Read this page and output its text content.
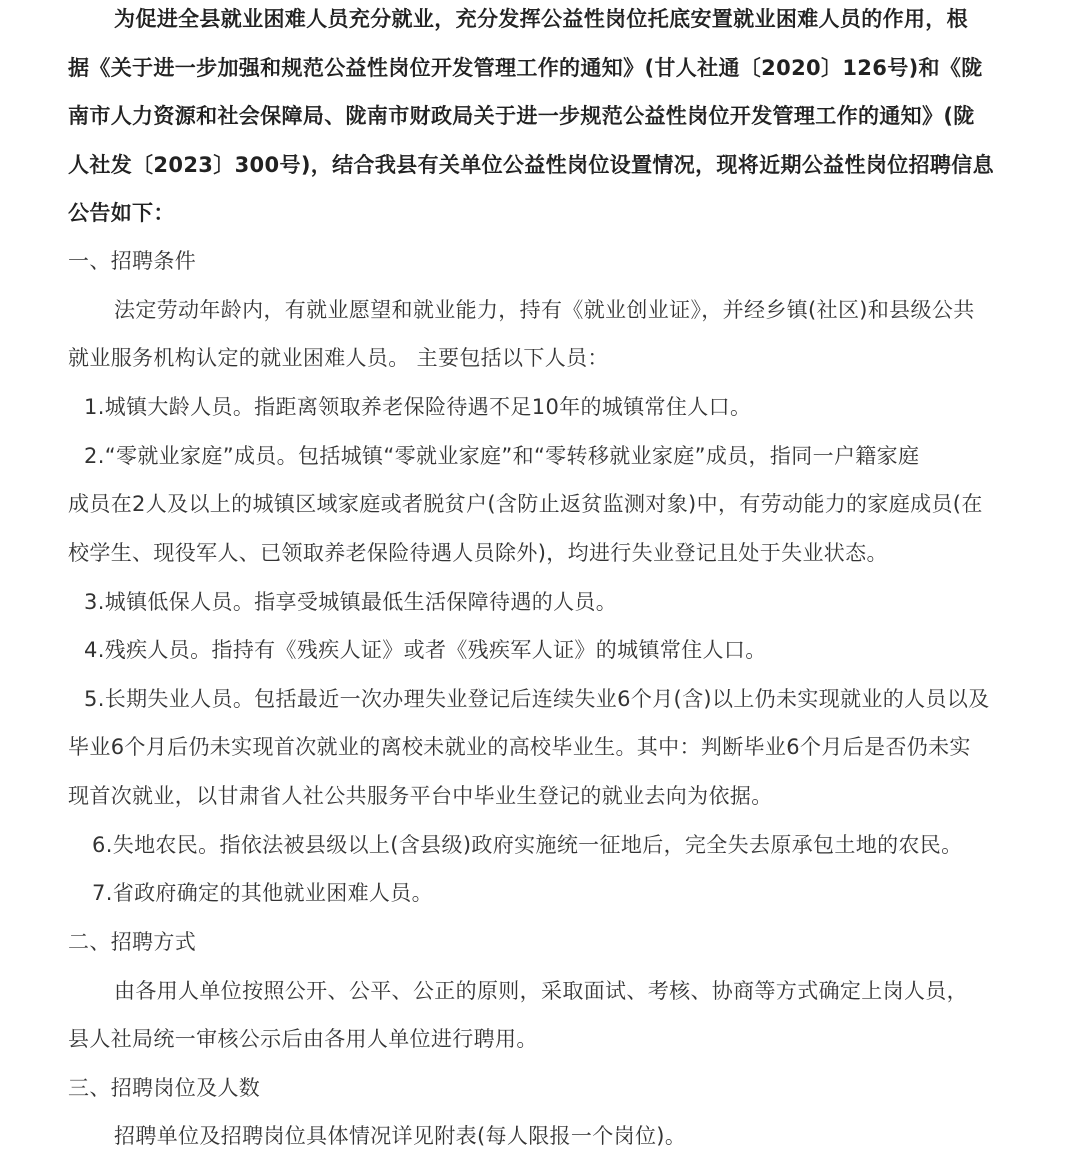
为促进全县就业困难人员充分就业，充分发挥公益性岗位托底安置就业困难人员的作用，根
据《关于进一步加强和规范公益性岗位开发管理工作的通知》(甘人社通〔2020〕126号)和《陇
南市人力资源和社会保障局、陇南市财政局关于进一步规范公益性岗位开发管理工作的通知》(陇
人社发〔2023〕300号)，结合我县有关单位公益性岗位设置情况，现将近期公益性岗位招聘信息
公告如下：
一、招聘条件
法定劳动年龄内，有就业愿望和就业能力，持有《就业创业证》，并经乡镇(社区)和县级公共
就业服务机构认定的就业困难人员。 主要包括以下人员：
1.城镇大龄人员。指距离领取养老保险待遇不足10年的城镇常住人口。
2.“零就业家庭”成员。包括城镇“零就业家庭”和“零转移就业家庭”成员，指同一户籍家庭
成员在2人及以上的城镇区域家庭或者脱贫户(含防止返贫监测对象)中，有劳动能力的家庭成员(在
校学生、现役军人、已领取养老保险待遇人员除外)，均进行失业登记且处于失业状态。
3.城镇低保人员。指享受城镇最低生活保障待遇的人员。
4.残疾人员。指持有《残疾人证》或者《残疾军人证》的城镇常住人口。
5.长期失业人员。包括最近一次办理失业登记后连续失业6个月(含)以上仍未实现就业的人员以及
毕业6个月后仍未实现首次就业的离校未就业的高校毕业生。其中：判断毕业6个月后是否仍未实
现首次就业，以甘肃省人社公共服务平台中毕业生登记的就业去向为依据。
6.失地农民。指依法被县级以上(含县级)政府实施统一征地后，完全失去原承包土地的农民。
7.省政府确定的其他就业困难人员。
二、招聘方式
由各用人单位按照公开、公平、公正的原则，采取面试、考核、协商等方式确定上岗人员，
县人社局统一审核公示后由各用人单位进行聘用。
三、招聘岗位及人数
招聘单位及招聘岗位具体情况详见附表(每人限报一个岗位)。
